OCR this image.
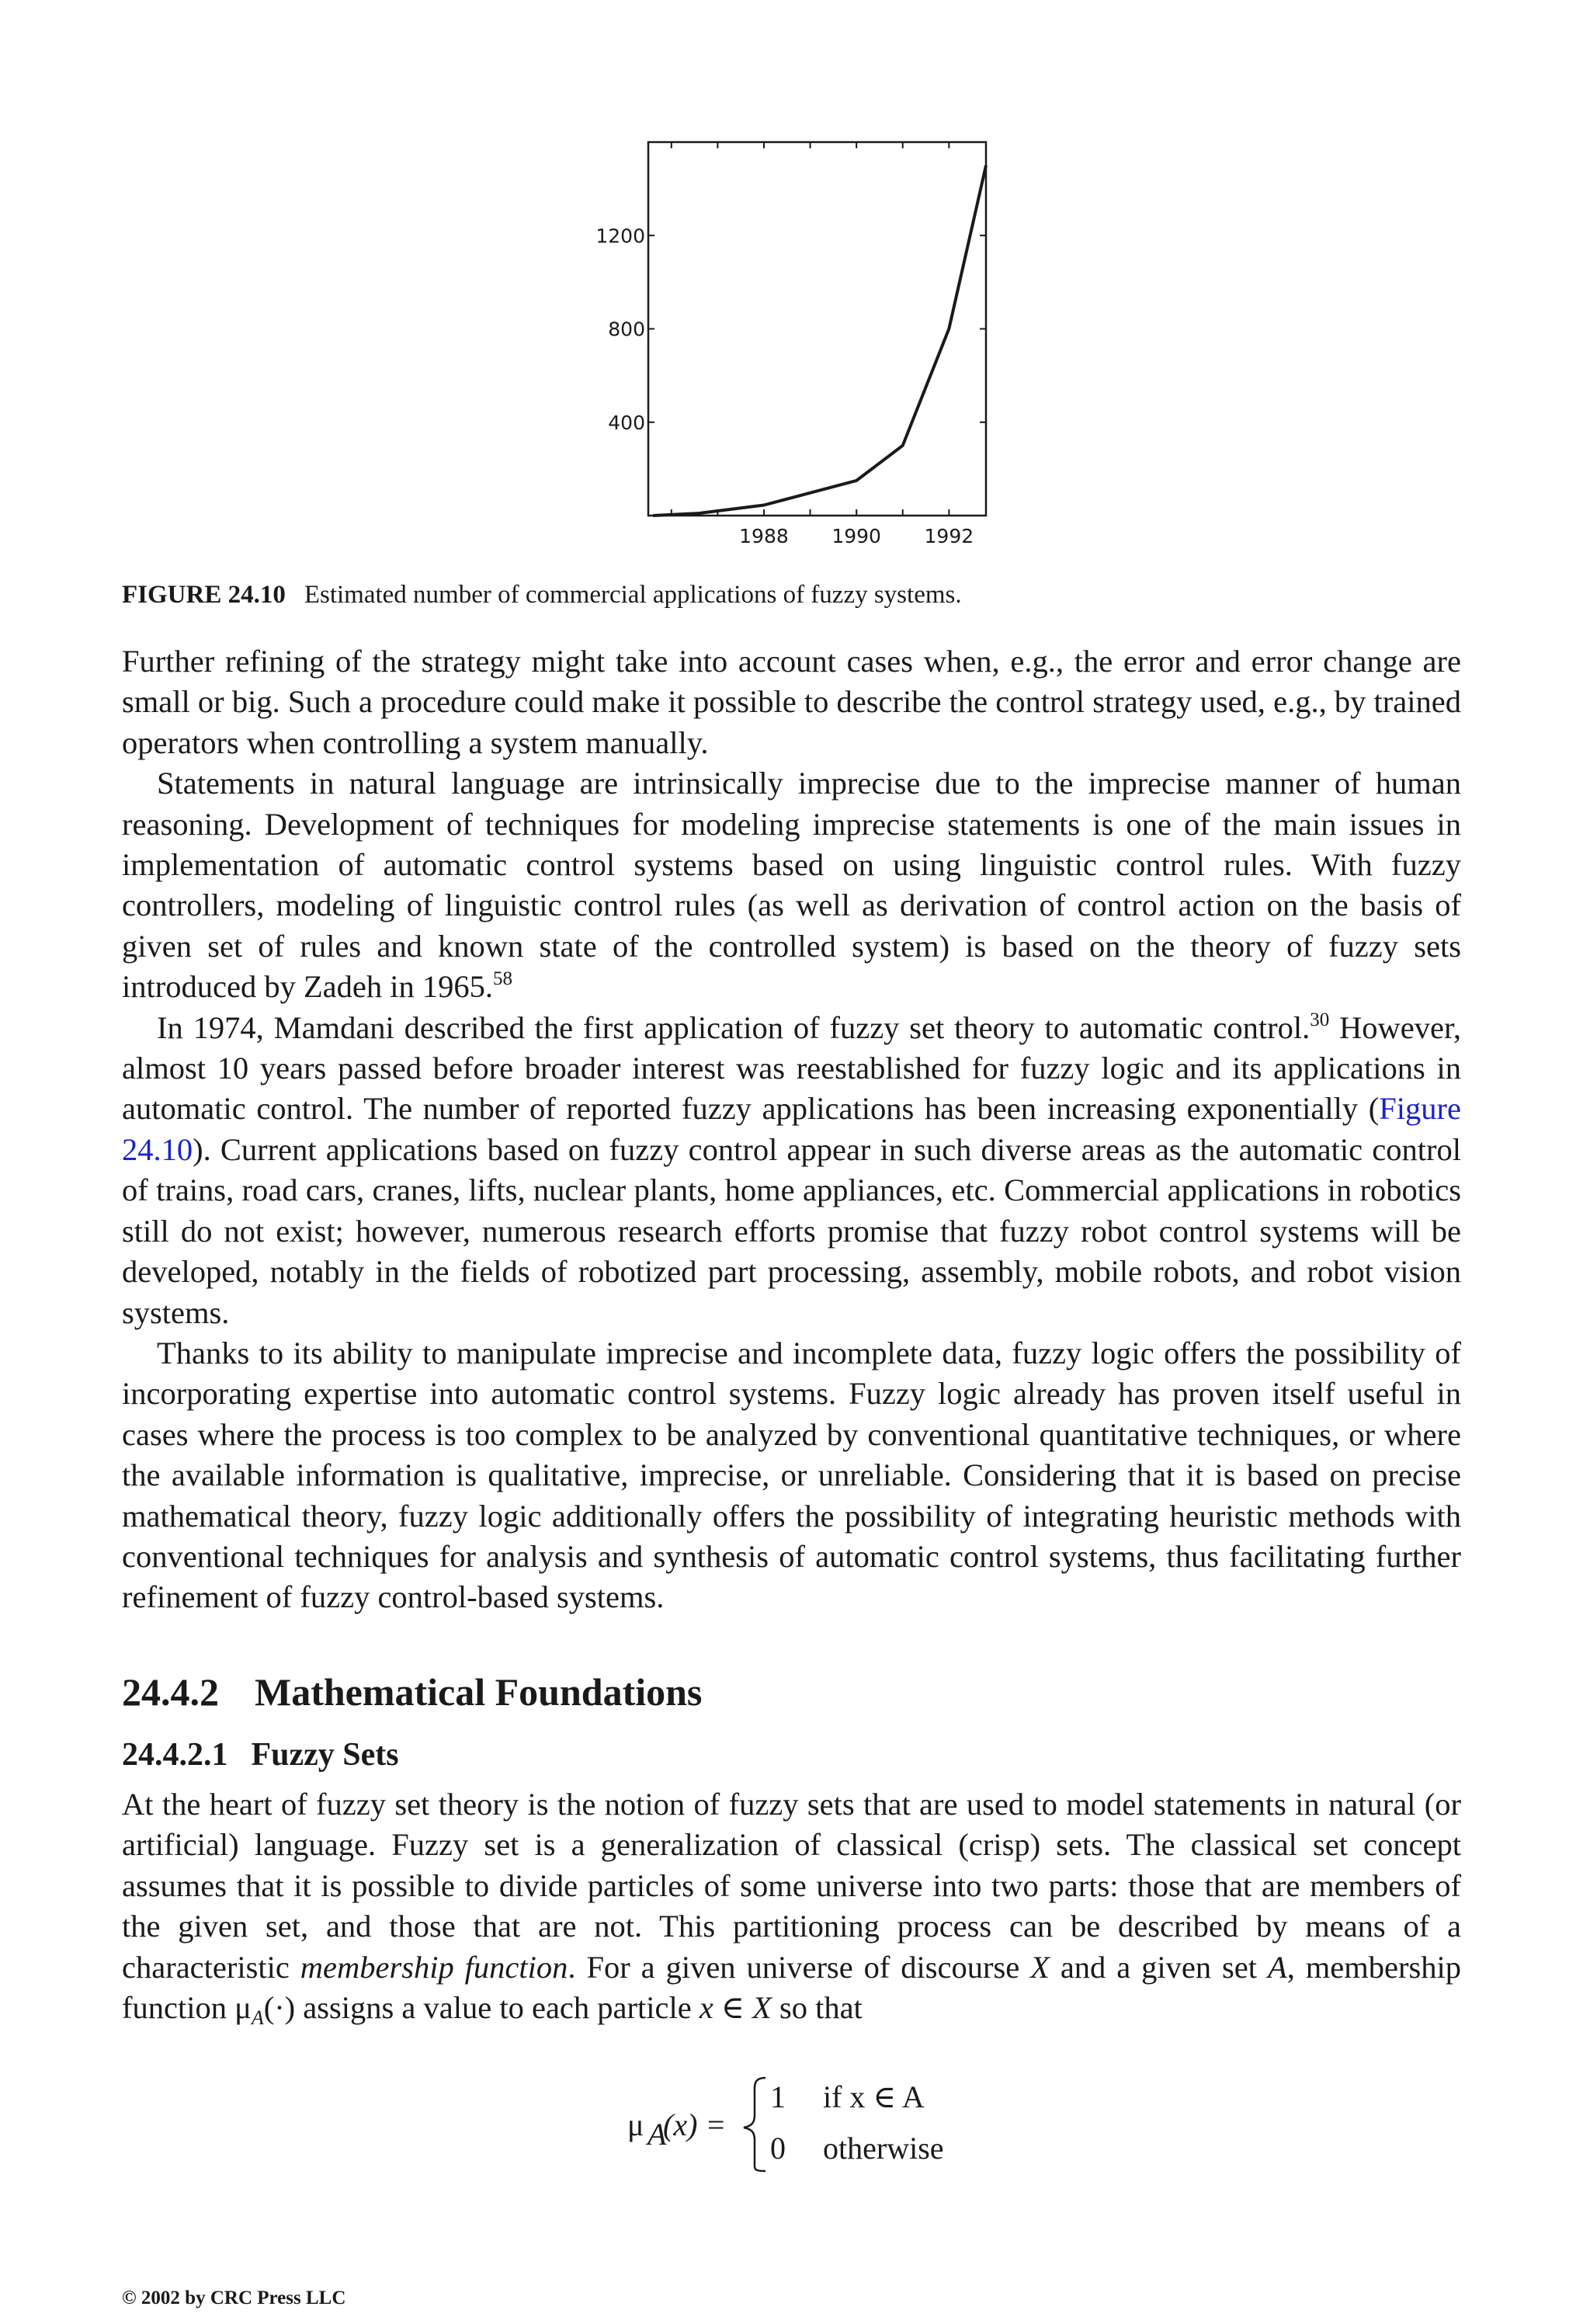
400
800
1200
1988 1990 1992
FIGURE 24.10 Estimated number of commercial applications of fuzzy systems.

Further refining of the strategy might take into account cases when, e.g., the error and error change are small or big. Such a procedure could make it possible to describe the control strategy used, e.g., by trained operators when controlling a system manually.

Statements in natural language are intrinsically imprecise due to the imprecise manner of human reasoning. Development of techniques for modeling imprecise statements is one of the main issues in implementation of automatic control systems based on using linguistic control rules. With fuzzy controllers, modeling of linguistic control rules (as well as derivation of control action on the basis of given set of rules and known state of the controlled system) is based on the theory of fuzzy sets introduced by Zadeh in 1965.58

In 1974, Mamdani described the first application of fuzzy set theory to automatic control.$^{30}$ However, almost 10 years passed before broader interest was reestablished for fuzzy logic and its applications in automatic control. The number of reported fuzzy applications has been increasing exponentially (Figure 24.10). Current applications based on fuzzy control appear in such diverse areas as the automatic control of trains, road cars, cranes, lifts, nuclear plants, home appliances, etc. Commercial applications in robotics still do not exist; however, numerous research efforts promise that fuzzy robot control systems will be developed, notably in the fields of robotized part processing, assembly, mobile robots, and robot vision systems.

Thanks to its ability to manipulate imprecise and incomplete data, fuzzy logic offers the possibility of incorporating expertise into automatic control systems. Fuzzy logic already has proven itself useful in cases where the process is too complex to be analyzed by conventional quantitative techniques, or where the available information is qualitative, imprecise, or unreliable. Considering that it is based on precise mathematical theory, fuzzy logic additionally offers the possibility of integrating heuristic methods with conventional techniques for analysis and synthesis of automatic control systems, thus facilitating further refinement of fuzzy control-based systems.

24.4.2 Mathematical Foundations
24.4.2.1 Fuzzy Sets

At the heart of fuzzy set theory is the notion of fuzzy sets that are used to model statements in natural (or artificial) language. Fuzzy set is a generalization of classical (crisp) sets. The classical set concept assumes that it is possible to divide particles of some universe into two parts: those that are members of the given set, and those that are not. This partitioning process can be described by means of a characteristic membership function. For a given universe of discourse X and a given set A, membership function $\mu_A(\cdot)$ assigns a value to each particle x ∈ X so that

μ A
(x) =
1 if x ∈ A
0 otherwise
© 2002 by CRC Press LLC
